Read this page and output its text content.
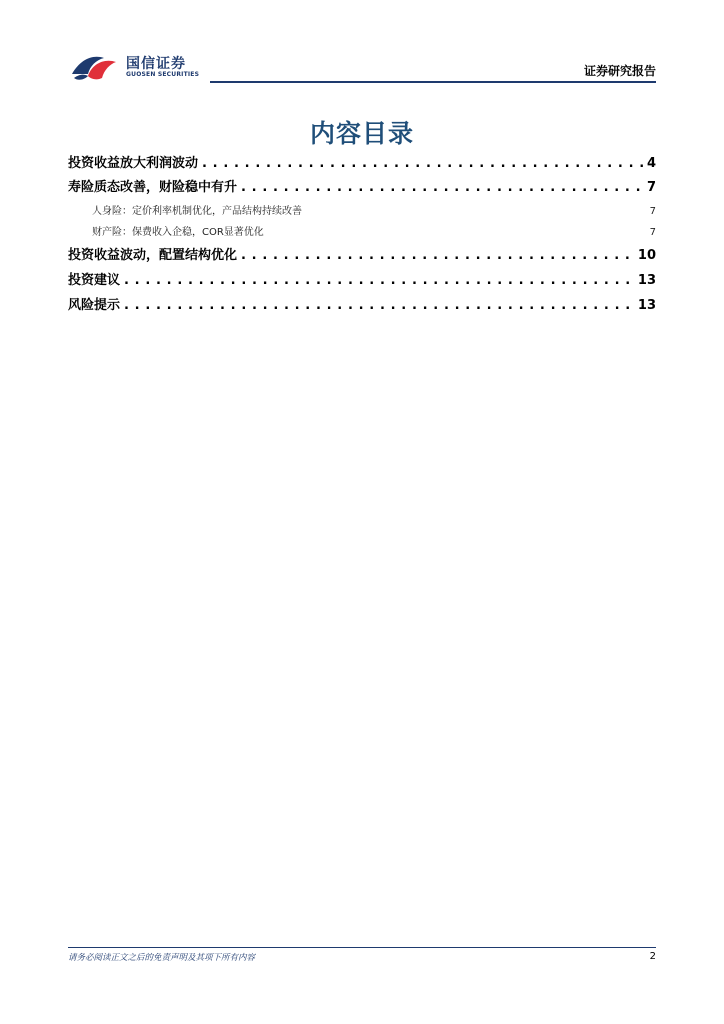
国信证券
GUOSEN SECURITIES	证券研究报告
内容目录
投资收益放大利润波动 . . .	4
寿险质态改善，财险稳中有升 . . .	7
人身险：定价利率机制优化，产品结构持续改善 . . .	7
财产险：保费收入企稳，COR显著优化 . . .	7
投资收益波动，配置结构优化 . . .	10
投资建议 . . .	13
风险提示 . . .	13
请务必阅读正文之后的免责声明及其项下所有内容	2
